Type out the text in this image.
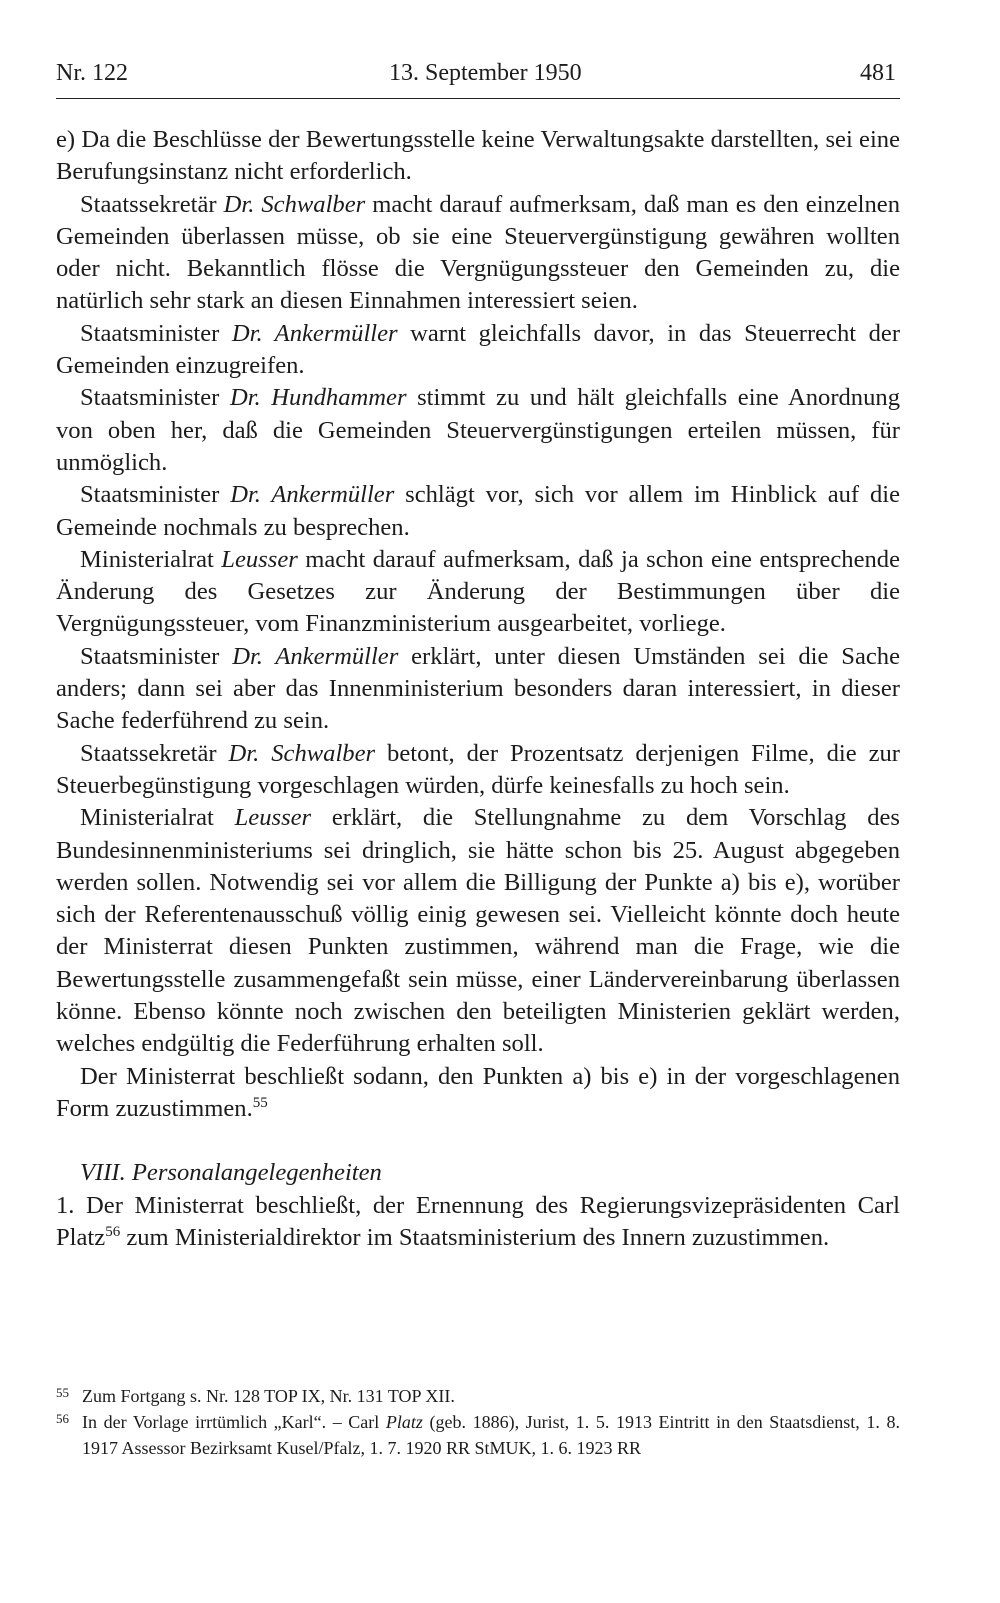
Nr. 122	13. September 1950	481

e) Da die Beschlüsse der Bewertungsstelle keine Verwaltungsakte darstellten, sei eine Berufungsinstanz nicht erforderlich.

Staatssekretär Dr. Schwalber macht darauf aufmerksam, daß man es den einzelnen Gemeinden überlassen müsse, ob sie eine Steuervergünstigung gewähren wollten oder nicht. Bekanntlich flösse die Vergnügungssteuer den Gemeinden zu, die natürlich sehr stark an diesen Einnahmen interessiert seien.

Staatsminister Dr. Ankermüller warnt gleichfalls davor, in das Steuerrecht der Gemeinden einzugreifen.

Staatsminister Dr. Hundhammer stimmt zu und hält gleichfalls eine Anordnung von oben her, daß die Gemeinden Steuervergünstigungen erteilen müssen, für unmöglich.

Staatsminister Dr. Ankermüller schlägt vor, sich vor allem im Hinblick auf die Gemeinde nochmals zu besprechen.

Ministerialrat Leusser macht darauf aufmerksam, daß ja schon eine entsprechende Änderung des Gesetzes zur Änderung der Bestimmungen über die Vergnügungssteuer, vom Finanzministerium ausgearbeitet, vorliege.

Staatsminister Dr. Ankermüller erklärt, unter diesen Umständen sei die Sache anders; dann sei aber das Innenministerium besonders daran interessiert, in dieser Sache federführend zu sein.

Staatssekretär Dr. Schwalber betont, der Prozentsatz derjenigen Filme, die zur Steuerbegünstigung vorgeschlagen würden, dürfe keinesfalls zu hoch sein.

Ministerialrat Leusser erklärt, die Stellungnahme zu dem Vorschlag des Bundesinnenministeriums sei dringlich, sie hätte schon bis 25. August abgegeben werden sollen. Notwendig sei vor allem die Billigung der Punkte a) bis e), worüber sich der Referentenausschuß völlig einig gewesen sei. Vielleicht könnte doch heute der Ministerrat diesen Punkten zustimmen, während man die Frage, wie die Bewertungsstelle zusammengefaßt sein müsse, einer Ländervereinbarung überlassen könne. Ebenso könnte noch zwischen den beteiligten Ministerien geklärt werden, welches endgültig die Federführung erhalten soll.

Der Ministerrat beschließt sodann, den Punkten a) bis e) in der vorgeschlagenen Form zuzustimmen.$^{55}$

VIII. Personalangelegenheiten

1. Der Ministerrat beschließt, der Ernennung des Regierungsvizepräsidenten Carl Platz$^{56}$ zum Ministerialdirektor im Staatsministerium des Innern zuzustimmen.

55 Zum Fortgang s. Nr. 128 TOP IX, Nr. 131 TOP XII.

56 In der Vorlage irrtümlich „Karl“. – Carl Platz (geb. 1886), Jurist, 1. 5. 1913 Eintritt in den Staatsdienst, 1. 8. 1917 Assessor Bezirksamt Kusel/Pfalz, 1. 7. 1920 RR StMUK, 1. 6. 1923 RR
